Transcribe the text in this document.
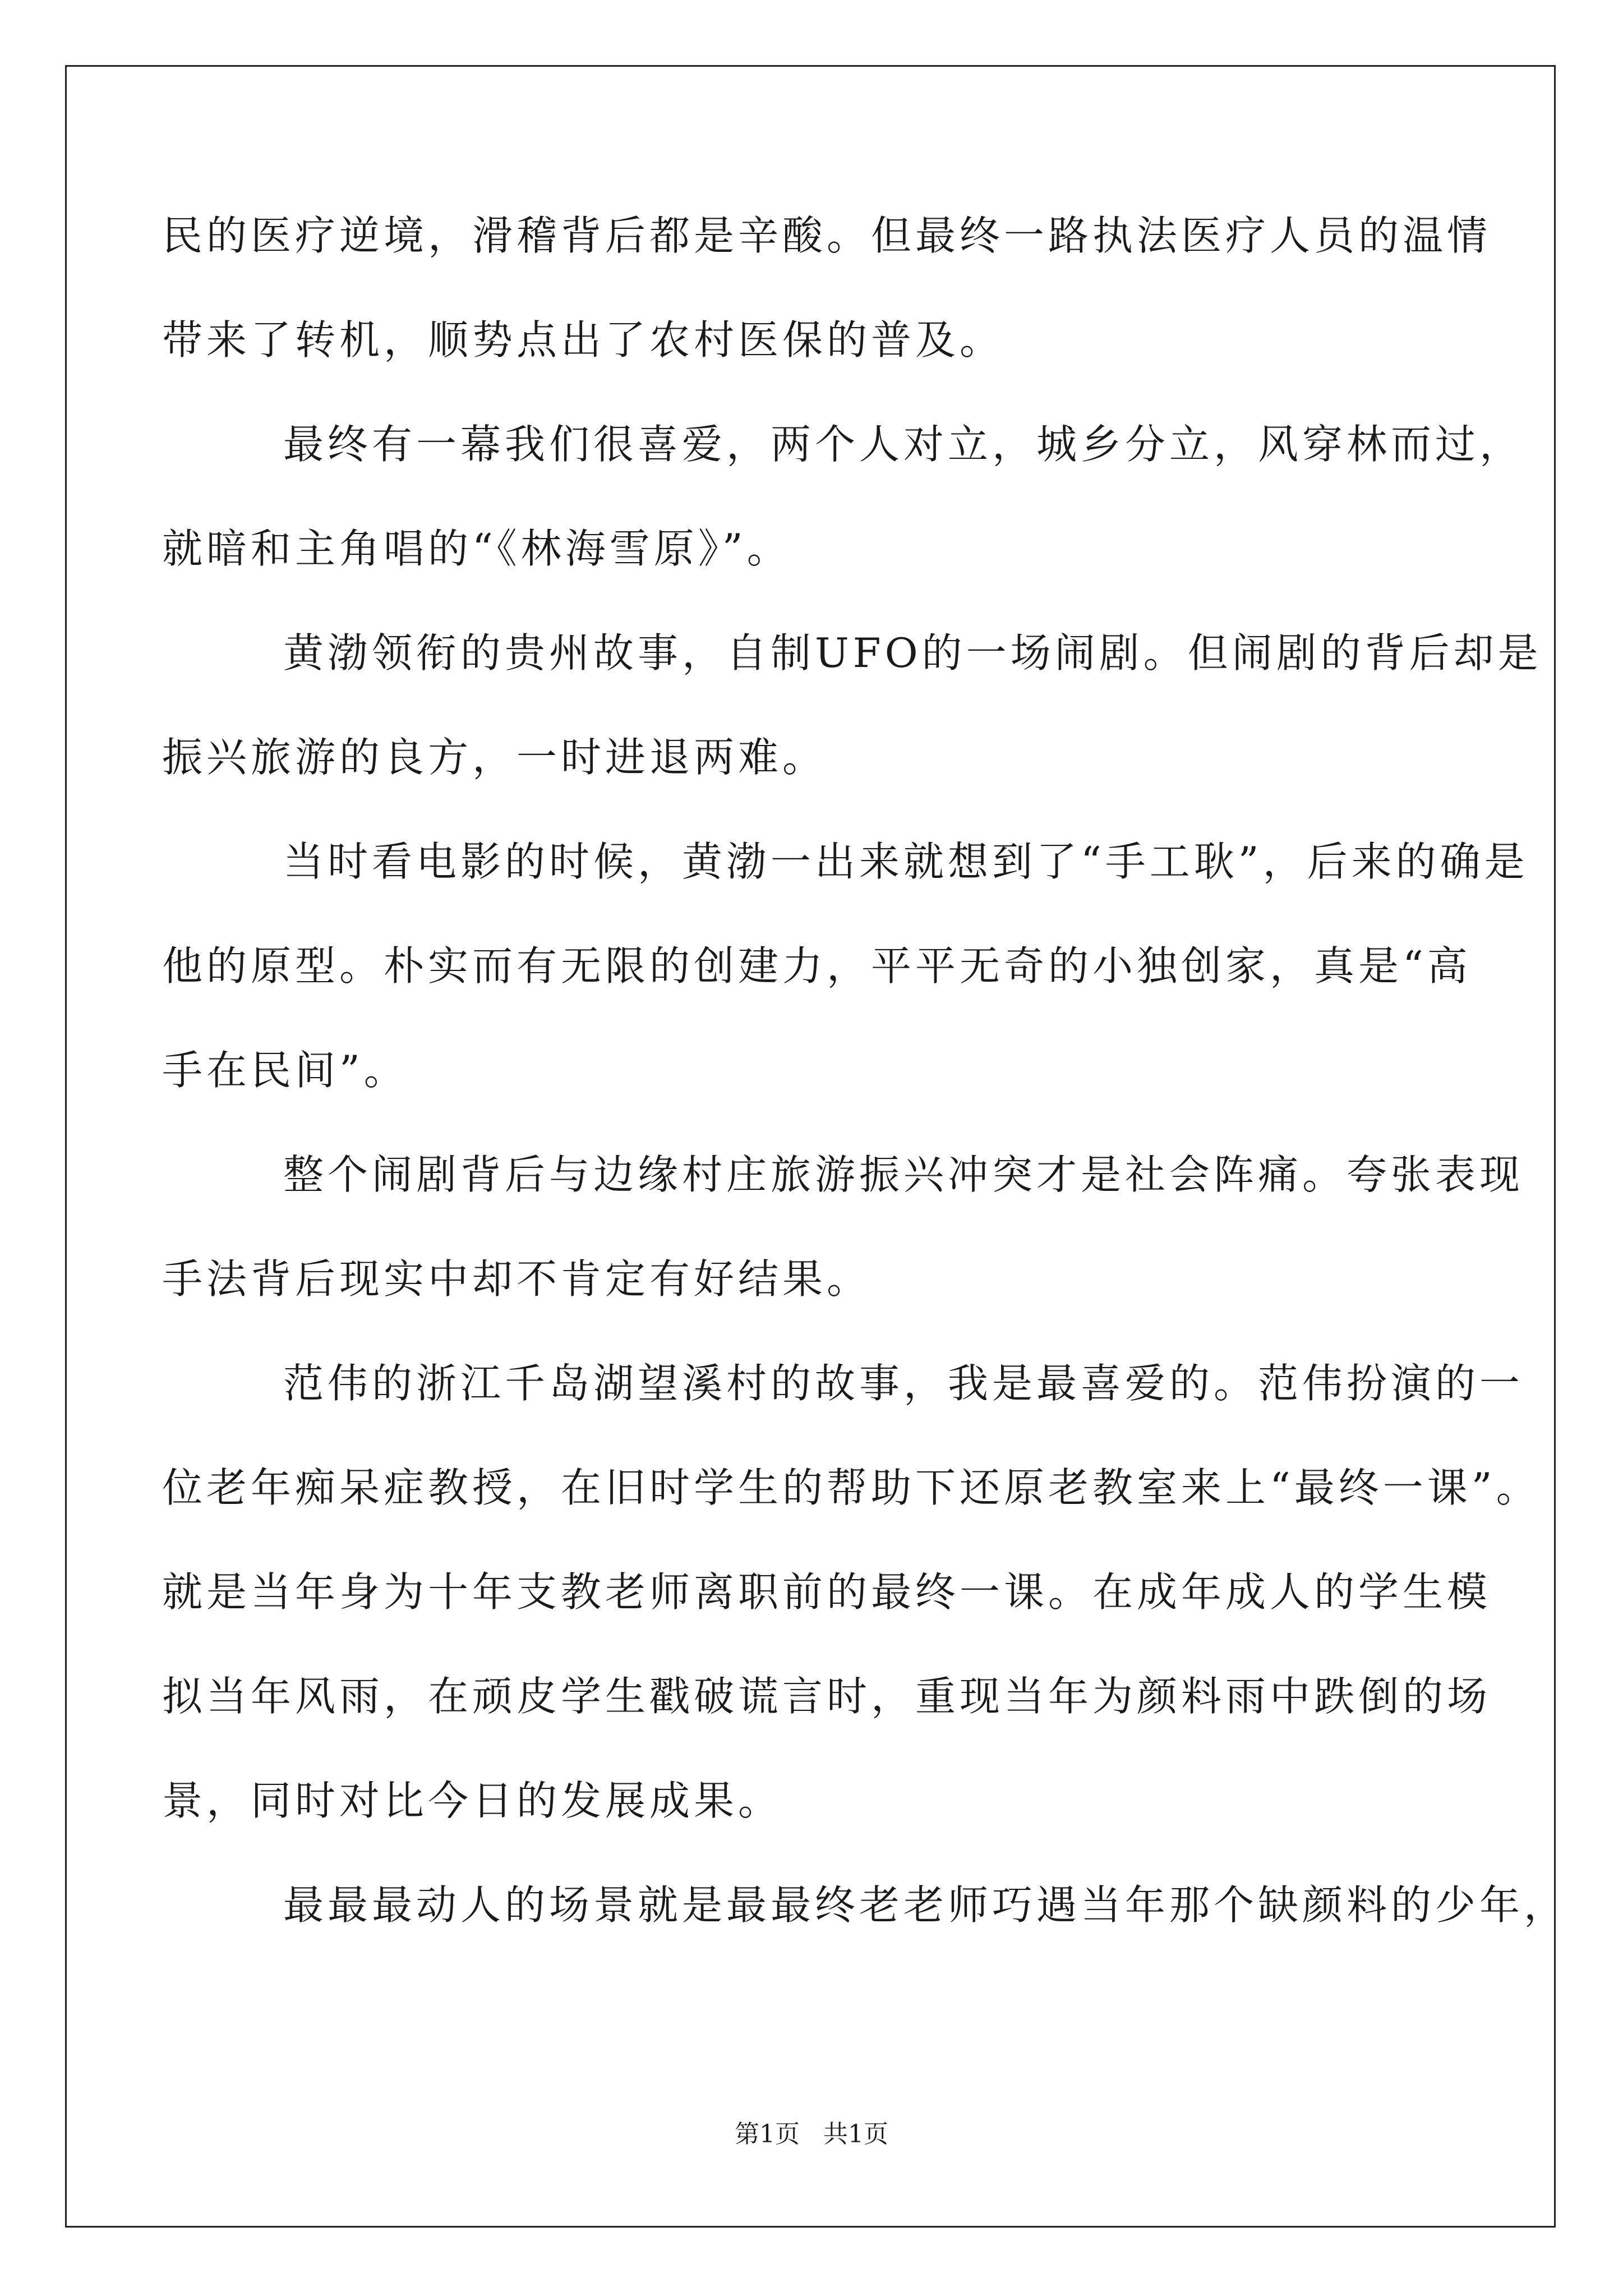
民的医疗逆境，滑稽背后都是辛酸。但最终一路执法医疗人员的温情
带来了转机，顺势点出了农村医保的普及。
最终有一幕我们很喜爱，两个人对立，城乡分立，风穿林而过，
就暗和主角唱的“《林海雪原》”。
黄渤领衔的贵州故事，自制UFO的一场闹剧。但闹剧的背后却是
振兴旅游的良方，一时进退两难。
当时看电影的时候，黄渤一出来就想到了“手工耿”，后来的确是
他的原型。朴实而有无限的创建力，平平无奇的小独创家，真是“高
手在民间”。
整个闹剧背后与边缘村庄旅游振兴冲突才是社会阵痛。夸张表现
手法背后现实中却不肯定有好结果。
范伟的浙江千岛湖望溪村的故事，我是最喜爱的。范伟扮演的一
位老年痴呆症教授，在旧时学生的帮助下还原老教室来上“最终一课”。
就是当年身为十年支教老师离职前的最终一课。在成年成人的学生模
拟当年风雨，在顽皮学生戳破谎言时，重现当年为颜料雨中跌倒的场
景，同时对比今日的发展成果。
最最最动人的场景就是最最终老老师巧遇当年那个缺颜料的少年，
第1页   共1页
